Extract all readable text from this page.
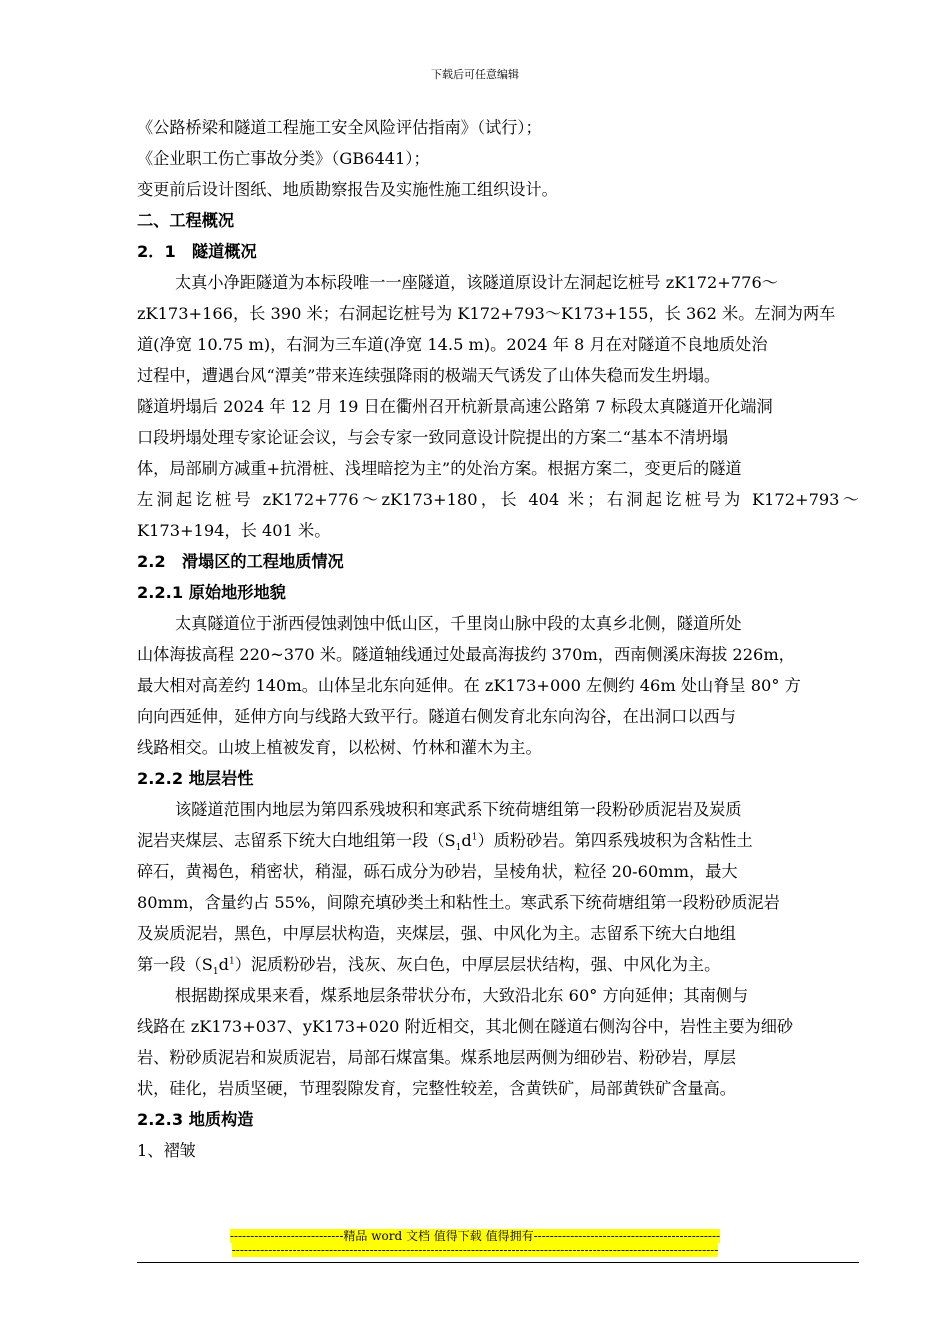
下载后可任意编辑
《公路桥梁和隧道工程施工安全风险评估指南》（试行）；
《企业职工伤亡事故分类》（GB6441）；
变更前后设计图纸、地质勘察报告及实施性施工组织设计。
二、工程概况
2．1　隧道概况
太真小净距隧道为本标段唯一一座隧道，该隧道原设计左洞起讫桩号 zK172+776～
zK173+166，长 390 米；右洞起讫桩号为 K172+793～K173+155，长 362 米。左洞为两车
道(净宽 10.75 m)，右洞为三车道(净宽 14.5 m)。2024 年 8 月在对隧道不良地质处治
过程中，遭遇台风“潭美”带来连续强降雨的极端天气诱发了山体失稳而发生坍塌。
隧道坍塌后 2024 年 12 月 19 日在衢州召开杭新景高速公路第 7 标段太真隧道开化端洞
口段坍塌处理专家论证会议，与会专家一致同意设计院提出的方案二“基本不清坍塌
体，局部刷方减重+抗滑桩、浅埋暗挖为主”的处治方案。根据方案二，变更后的隧道
左洞起讫桩号 zK172+776～zK173+180，长 404 米；右洞起讫桩号为 K172+793～
K173+194，长 401 米。
2.2　滑塌区的工程地质情况
2.2.1 原始地形地貌
太真隧道位于浙西侵蚀剥蚀中低山区，千里岗山脉中段的太真乡北侧，隧道所处
山体海拔高程 220~370 米。隧道轴线通过处最高海拔约 370m，西南侧溪床海拔 226m，
最大相对高差约 140m。山体呈北东向延伸。在 zK173+000 左侧约 46m 处山脊呈 80° 方
向向西延伸，延伸方向与线路大致平行。隧道右侧发育北东向沟谷，在出洞口以西与
线路相交。山坡上植被发育，以松树、竹林和灌木为主。
2.2.2 地层岩性
该隧道范围内地层为第四系残坡积和寒武系下统荷塘组第一段粉砂质泥岩及炭质
泥岩夹煤层、志留系下统大白地组第一段$(S_1d^1)$质粉砂岩。第四系残坡积为含粘性土
碎石，黄褐色，稍密状，稍湿，砾石成分为砂岩，呈棱角状，粒径 20-60mm，最大
80mm，含量约占 55%，间隙充填砂类土和粘性土。寒武系下统荷塘组第一段粉砂质泥岩
及炭质泥岩，黑色，中厚层状构造，夹煤层，强、中风化为主。志留系下统大白地组
第一段$(S_1d^1)$泥质粉砂岩，浅灰、灰白色，中厚层层状结构，强、中风化为主。
根据勘探成果来看，煤系地层条带状分布，大致沿北东 60° 方向延伸；其南侧与
线路在 zK173+037、yK173+020 附近相交，其北侧在隧道右侧沟谷中，岩性主要为细砂
岩、粉砂质泥岩和炭质泥岩，局部石煤富集。煤系地层两侧为细砂岩、粉砂岩，厚层
状，硅化，岩质坚硬，节理裂隙发育，完整性较差，含黄铁矿，局部黄铁矿含量高。
2.2.3 地质构造
1、褶皱
----------------------------精品 word 文档 值得下载 值得拥有----------------------------------------------
------------------------------------------------------------------------------------------------------------------------
